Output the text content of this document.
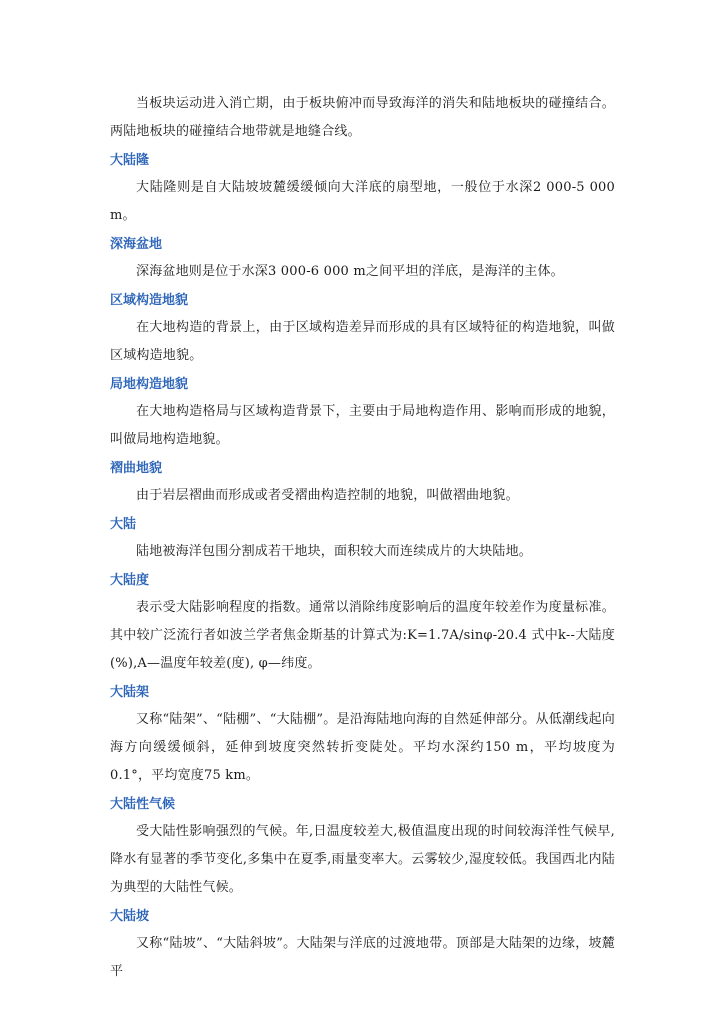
当板块运动进入消亡期，由于板块俯冲而导致海洋的消失和陆地板块的碰撞结合。两陆地板块的碰撞结合地带就是地缝合线。

大陆隆

大陆隆则是自大陆坡坡麓缓缓倾向大洋底的扇型地，一般位于水深2 000-5 000 m。

深海盆地

深海盆地则是位于水深3 000-6 000 m之间平坦的洋底，是海洋的主体。

区域构造地貌

在大地构造的背景上，由于区域构造差异而形成的具有区域特征的构造地貌，叫做区域构造地貌。

局地构造地貌

在大地构造格局与区域构造背景下，主要由于局地构造作用、影响而形成的地貌，叫做局地构造地貌。

褶曲地貌

由于岩层褶曲而形成或者受褶曲构造控制的地貌，叫做褶曲地貌。

大陆

陆地被海洋包围分割成若干地块，面积较大而连续成片的大块陆地。

大陆度

表示受大陆影响程度的指数。通常以消除纬度影响后的温度年较差作为度量标准。其中较广泛流行者如波兰学者焦金斯基的计算式为:K=1.7A/sinφ-20.4 式中k--大陆度(%),A—温度年较差(度), φ—纬度。

大陆架

又称“陆架”、“陆棚”、“大陆棚”。是沿海陆地向海的自然延伸部分。从低潮线起向海方向缓缓倾斜，延伸到坡度突然转折变陡处。平均水深约150 m，平均坡度为0.1°，平均宽度75 km。

大陆性气候

受大陆性影响强烈的气候。年,日温度较差大,极值温度出现的时间较海洋性气候早,降水有显著的季节变化,多集中在夏季,雨量变率大。云雾较少,湿度较低。我国西北内陆为典型的大陆性气候。

大陆坡

又称“陆坡”、“大陆斜坡”。大陆架与洋底的过渡地带。顶部是大陆架的边缘，坡麓平
